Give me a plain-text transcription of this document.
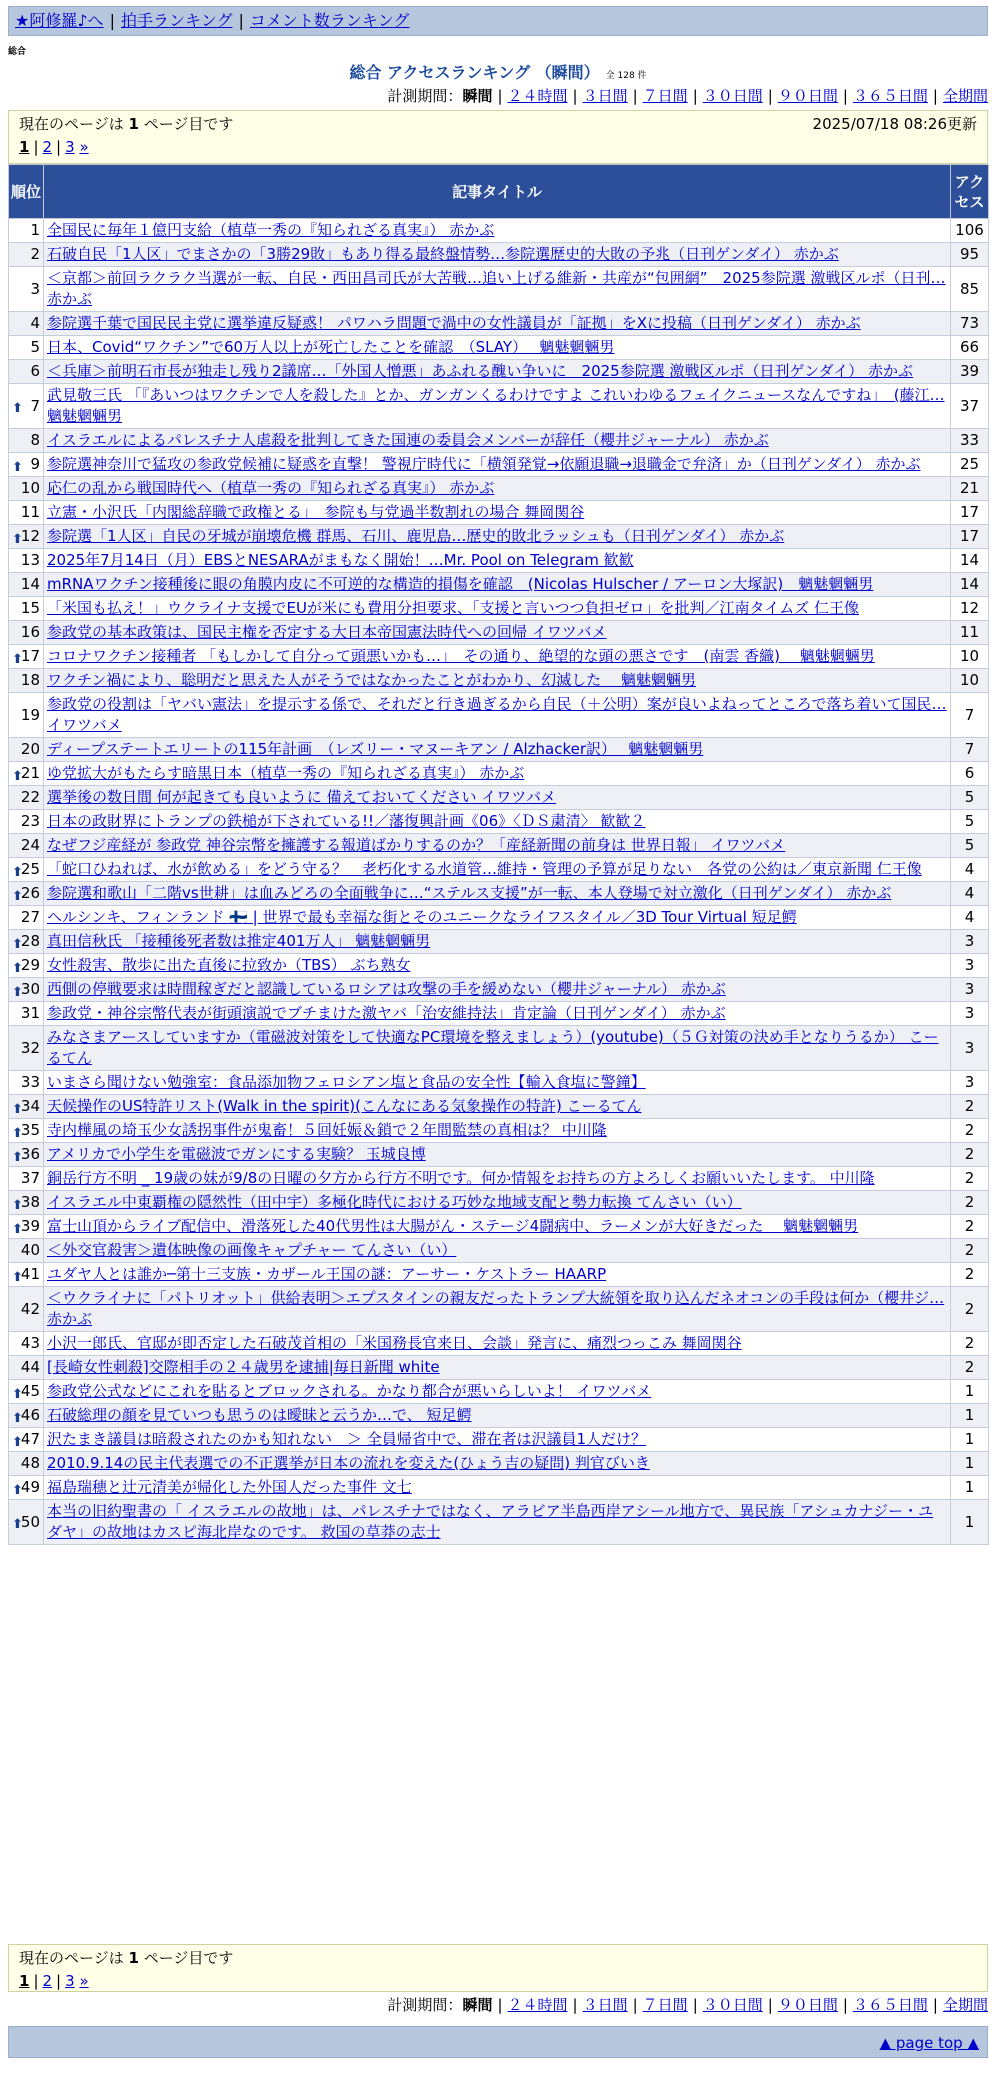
★阿修羅♪へ | 拍手ランキング | コメント数ランキング
総合
総合 アクセスランキング （瞬間） 全 128 件
計測期間：瞬間 | ２４時間 | ３日間 | ７日間 | ３０日間 | ９０日間 | ３６５日間 | 全期間
現在のページは 1 ページ目です	2025/07/18 08:26更新
1 | 2 | 3 »
順位	記事タイトル	アクセス
1	全国民に毎年１億円支給（植草一秀の『知られざる真実』） 赤かぶ	106
2	石破自民「1人区」でまさかの「3勝29敗」もあり得る最終盤情勢…参院選歴史的大敗の予兆（日刊ゲンダイ） 赤かぶ	95
3	＜京都＞前回ラクラク当選が一転、自民・西田昌司氏が大苦戦…追い上げる維新・共産が“包囲網”　2025参院選 激戦区ルポ（日刊… 赤かぶ	85
4	参院選千葉で国民民主党に選挙違反疑惑！ パワハラ問題で渦中の女性議員が「証拠」をXに投稿（日刊ゲンダイ） 赤かぶ	73
5	日本、Covid“ワクチン”で60万人以上が死亡したことを確認　（SLAY）　 魑魅魍魎男	66
6	＜兵庫＞前明石市長が独走し残り2議席…「外国人憎悪」あふれる醜い争いに　2025参院選 激戦区ルポ（日刊ゲンダイ） 赤かぶ	39

⬆ 7	武見敬三氏 「『あいつはワクチンで人を殺した』とか、ガンガンくるわけですよ これいわゆるフェイクニュースなんですね」　(藤江… 魑魅魍魎男	37
8	イスラエルによるパレスチナ人虐殺を批判してきた国連の委員会メンバーが辞任（櫻井ジャーナル） 赤かぶ	33

⬆ 9	参院選神奈川で猛攻の参政党候補に疑惑を直撃！ 警視庁時代に「横領発覚→依願退職→退職金で弁済」か（日刊ゲンダイ） 赤かぶ	25
10	応仁の乱から戦国時代へ（植草一秀の『知られざる真実』） 赤かぶ	21
11	立憲・小沢氏「内閣総辞職で政権とる」　参院も与党過半数割れの場合 舞岡関谷	17

⬆
12	参院選「1人区」自民の牙城が崩壊危機 群馬、石川、鹿児島…歴史的敗北ラッシュも（日刊ゲンダイ） 赤かぶ	17
13	2025年7月14日（月）EBSとNESARAがまもなく開始！…Mr. Pool on Telegram 歓歓	14
14	mRNAワクチン接種後に眼の角膜内皮に不可逆的な構造的損傷を確認　(Nicolas Hulscher / アーロン大塚訳)　魑魅魍魎男	14
15	「米国も払え！」ウクライナ支援でEUが米にも費用分担要求、「支援と言いつつ負担ゼロ」を批判／江南タイムズ 仁王像	12
16	参政党の基本政策は、国民主権を否定する大日本帝国憲法時代への回帰 イワツバメ	11

⬆
17	コロナワクチン接種者 「もしかして自分って頭悪いかも…」　その通り、絶望的な頭の悪さです　(南雲 香織)　 魑魅魍魎男	10
18	ワクチン禍により、聡明だと思えた人がそうではなかったことがわかり、幻滅した　 魑魅魍魎男	10
19	参政党の役割は「ヤバい憲法」を提示する係で、それだと行き過ぎるから自民（＋公明）案が良いよねってところで落ち着いて国民… イワツバメ	7
20	ディープステートエリートの115年計画　（レズリー・マヌーキアン / Alzhacker訳）　 魑魅魍魎男	7

⬆
21	ゆ党拡大がもたらす暗黒日本（植草一秀の『知られざる真実』） 赤かぶ	6
22	選挙後の数日間 何が起きても良いように 備えておいてください イワツバメ	5
23	日本の政財界にトランプの鉄槌が下されている!!／藩復興計画《06》〈ＤＳ粛清〉 歓歓２	5
24	なぜフジ産経が 参政党 神谷宗幣を擁護する報道ばかりするのか？「産経新聞の前身は 世界日報」 イワツバメ	5

⬆
25	「蛇口ひねれば、水が飲める」をどう守る？　老朽化する水道管…維持・管理の予算が足りない　各党の公約は／東京新聞 仁王像	4

⬆
26	参院選和歌山「二階vs世耕」は血みどろの全面戦争に…“ステルス支援”が一転、本人登場で対立激化（日刊ゲンダイ） 赤かぶ	4
27	ヘルシンキ、フィンランド 🇫🇮 | 世界で最も幸福な街とそのユニークなライフスタイル／3D Tour Virtual 短足鰐	4

⬆
28	真田信秋氏 「接種後死者数は推定401万人」 魑魅魍魎男	3

⬆
29	女性殺害、散歩に出た直後に拉致か（TBS） ぶち熟女	3

⬆
30	西側の停戦要求は時間稼ぎだと認識しているロシアは攻撃の手を緩めない（櫻井ジャーナル） 赤かぶ	3
31	参政党・神谷宗幣代表が街頭演説でブチまけた激ヤバ「治安維持法」肯定論（日刊ゲンダイ） 赤かぶ	3
32	みなさまアースしていますか（電磁波対策をして快適なPC環境を整えましょう）(youtube)（５Ｇ対策の決め手となりうるか） こーるてん	3
33	いまさら聞けない勉強室：食品添加物フェロシアン塩と食品の安全性【輸入食塩に警鐘】	3

⬆
34	天候操作のUS特許リスト(Walk in the spirit)(こんなにある気象操作の特許) こーるてん	2

⬆
35	寺内樺風の埼玉少女誘拐事件が鬼畜！５回妊娠＆鎖で２年間監禁の真相は？ 中川隆	2

⬆
36	アメリカで小学生を電磁波でガンにする実験？ 玉城良博	2
37	銅岳行方不明 _ 19歳の妹が9/8の日曜の夕方から行方不明です。何か情報をお持ちの方よろしくお願いいたします。 中川隆	2

⬆
38	イスラエル中東覇権の隠然性（田中宇）多極化時代における巧妙な地域支配と勢力転換 てんさい（い）	2

⬆
39	富士山頂からライブ配信中、滑落死した40代男性は大腸がん・ステージ4闘病中、ラーメンが大好きだった　 魑魅魍魎男	2
40	＜外交官殺害＞遺体映像の画像キャプチャー てんさい（い）	2

⬆
41	ユダヤ人とは誰か─第十三支族・カザール王国の謎：アーサー・ケストラー HAARP	2
42	＜ウクライナに「パトリオット」供給表明＞エプスタインの親友だったトランプ大統領を取り込んだネオコンの手段は何か（櫻井ジ… 赤かぶ	2
43	小沢一郎氏、官邸が即否定した石破茂首相の「米国務長官来日、会談」発言に、痛烈つっこみ 舞岡関谷	2
44	[長崎女性刺殺]交際相手の２４歳男を逮捕|毎日新聞 white	2

⬆
45	参政党公式などにこれを貼るとブロックされる。かなり都合が悪いらしいよ！ イワツバメ	1

⬆
46	石破総理の顔を見ていつも思うのは曖昧と云うか…で、 短足鰐	1

⬆
47	沢たまき議員は暗殺されたのかも知れない　＞ 全員帰省中で、滞在者は沢議員1人だけ？	1
48	2010.9.14の民主代表選での不正選挙が日本の流れを変えた(ひょう吉の疑問) 判官びいき	1

⬆
49	福島瑞穂と辻元清美が帰化した外国人だった事件 文七	1

⬆
50	本当の旧約聖書の「 イスラエルの故地」は、パレスチナではなく、アラビア半島西岸アシール地方で、異民族「アシュカナジー・ユダヤ」の故地はカスピ海北岸なのです。 救国の草莽の志士	1
現在のページは 1 ページ目です
1 | 2 | 3 »
計測期間：瞬間 | ２４時間 | ３日間 | ７日間 | ３０日間 | ９０日間 | ３６５日間 | 全期間
▲ page top ▲
